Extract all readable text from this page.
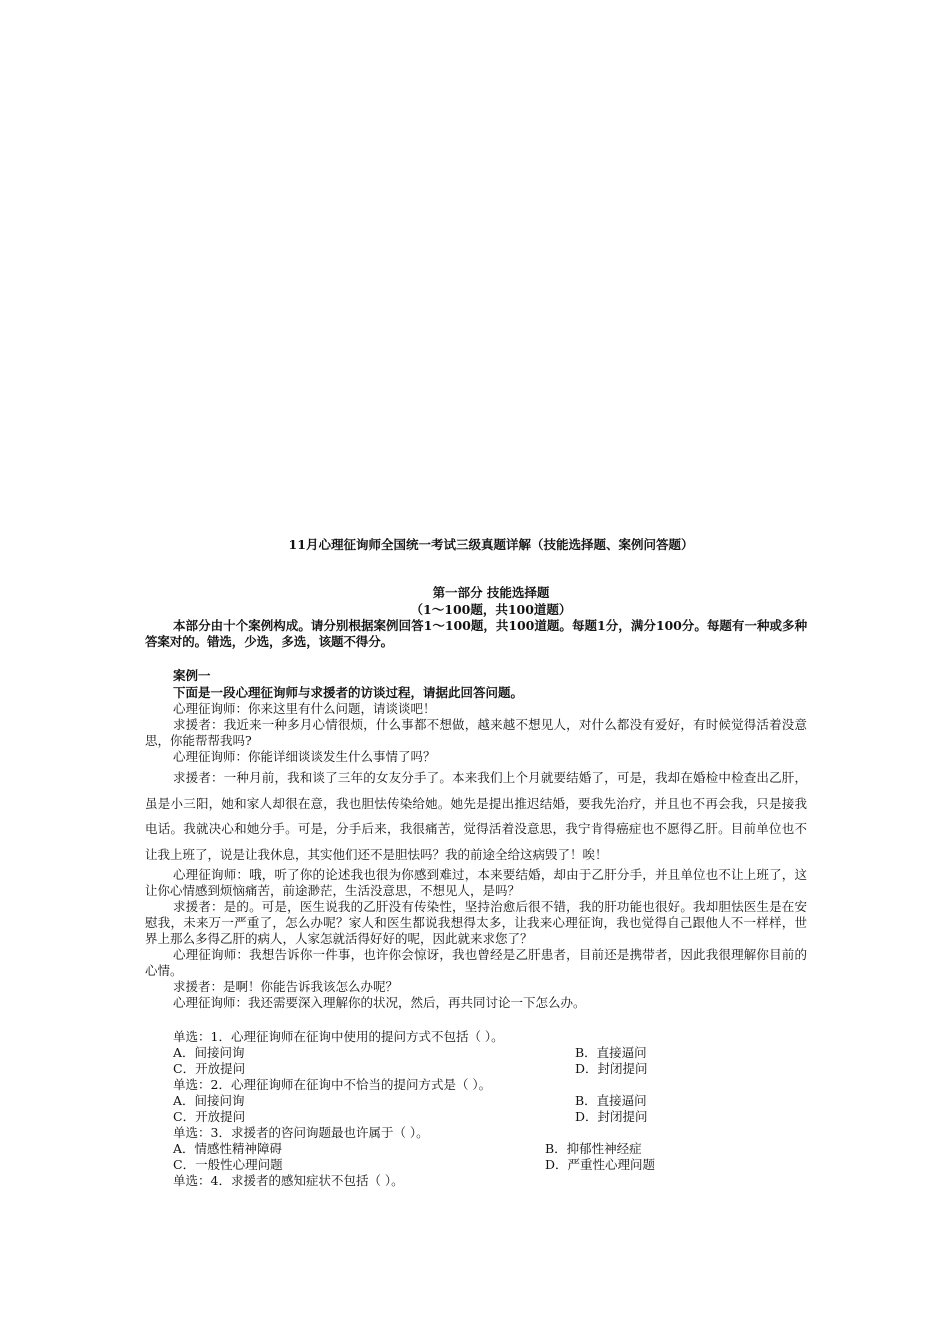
11月心理征询师全国统一考试三级真题详解（技能选择题、案例问答题）
第一部分 技能选择题
（1～100题，共100道题）

本部分由十个案例构成。请分别根据案例回答1～100题，共100道题。每题1分，满分100分。每题有一种或多种答案对的。错选，少选，多选，该题不得分。

案例一
下面是一段心理征询师与求援者的访谈过程，请据此回答问题。

心理征询师：你来这里有什么问题，请谈谈吧！

求援者：我近来一种多月心情很烦，什么事都不想做，越来越不想见人，对什么都没有爱好，有时候觉得活着没意思，你能帮帮我吗?

心理征询师：你能详细谈谈发生什么事情了吗？

求援者：一种月前，我和谈了三年的女友分手了。本来我们上个月就要结婚了，可是，我却在婚检中检查出乙肝，虽是小三阳，她和家人却很在意，我也胆怯传染给她。她先是提出推迟结婚，要我先治疗，并且也不再会我，只是接我电话。我就决心和她分手。可是，分手后来，我很痛苦，觉得活着没意思，我宁肯得癌症也不愿得乙肝。目前单位也不让我上班了，说是让我休息，其实他们还不是胆怯吗？我的前途全给这病毁了！唉！

心理征询师：哦，听了你的论述我也很为你感到难过，本来要结婚，却由于乙肝分手，并且单位也不让上班了，这让你心情感到烦恼痛苦，前途渺茫，生活没意思，不想见人，是吗？

求援者：是的。可是，医生说我的乙肝没有传染性，坚持治愈后很不错，我的肝功能也很好。我却胆怯医生是在安慰我，未来万一严重了，怎么办呢？家人和医生都说我想得太多，让我来心理征询，我也觉得自己跟他人不一样样，世界上那么多得乙肝的病人，人家怎就活得好好的呢，因此就来求您了？

心理征询师：我想告诉你一件事，也许你会惊讶，我也曾经是乙肝患者，目前还是携带者，因此我很理解你目前的心情。

求援者：是啊！你能告诉我该怎么办呢？

心理征询师：我还需要深入理解你的状况，然后，再共同讨论一下怎么办。

单选：1．心理征询师在征询中使用的提问方式不包括（ ）。
A．间接问询	B．直接逼问
C．开放提问	D．封闭提问
单选：2．心理征询师在征询中不恰当的提问方式是（ ）。
A．间接问询	B．直接逼问
C．开放提问	D．封闭提问
单选：3．求援者的咨问询题最也许属于（ ）。
A．情感性精神障碍	B．抑郁性神经症
C．一般性心理问题	D．严重性心理问题
单选：4．求援者的感知症状不包括（ ）。
